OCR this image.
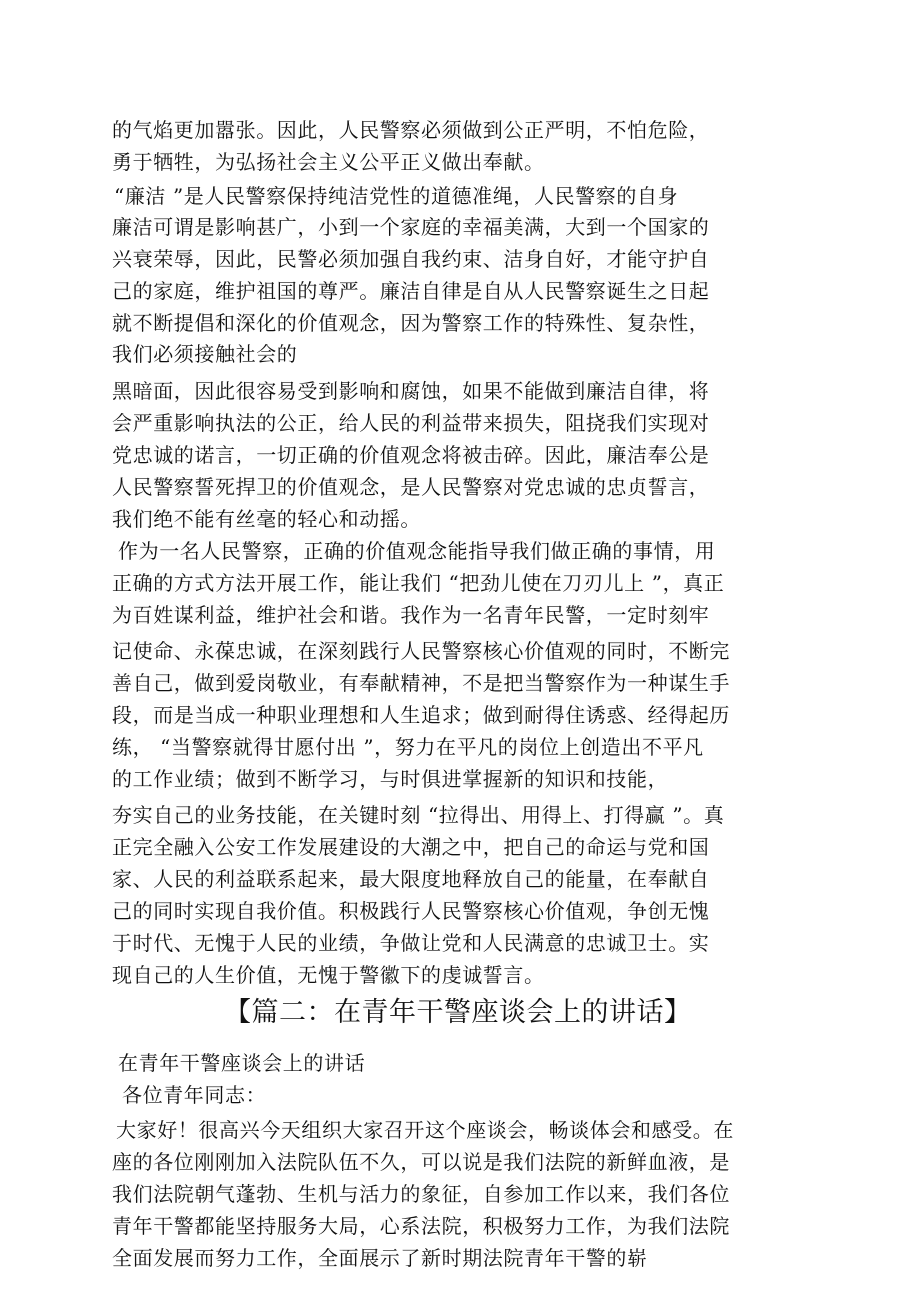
的气焰更加嚣张。因此，人民警察必须做到公正严明，不怕危险，
勇于牺牲，为弘扬社会主义公平正义做出奉献。
“廉洁 ”是人民警察保持纯洁党性的道德准绳，人民警察的自身
廉洁可谓是影响甚广，小到一个家庭的幸福美满，大到一个国家的
兴衰荣辱，因此，民警必须加强自我约束、洁身自好，才能守护自
己的家庭，维护祖国的尊严。廉洁自律是自从人民警察诞生之日起
就不断提倡和深化的价值观念，因为警察工作的特殊性、复杂性，
我们必须接触社会的
黑暗面，因此很容易受到影响和腐蚀，如果不能做到廉洁自律，将
会严重影响执法的公正，给人民的利益带来损失，阻挠我们实现对
党忠诚的诺言，一切正确的价值观念将被击碎。因此，廉洁奉公是
人民警察誓死捍卫的价值观念，是人民警察对党忠诚的忠贞誓言，
我们绝不能有丝毫的轻心和动摇。
作为一名人民警察，正确的价值观念能指导我们做正确的事情，用
正确的方式方法开展工作，能让我们 “把劲儿使在刀刃儿上 ”，真正
为百姓谋利益，维护社会和谐。我作为一名青年民警，一定时刻牢
记使命、永葆忠诚，在深刻践行人民警察核心价值观的同时，不断完
善自己，做到爱岗敬业，有奉献精神，不是把当警察作为一种谋生手
段，而是当成一种职业理想和人生追求；做到耐得住诱惑、经得起历
练， “当警察就得甘愿付出 ”，努力在平凡的岗位上创造出不平凡
的工作业绩；做到不断学习，与时俱进掌握新的知识和技能，
夯实自己的业务技能，在关键时刻 “拉得出、用得上、打得赢 ”。真
正完全融入公安工作发展建设的大潮之中，把自己的命运与党和国
家、人民的利益联系起来，最大限度地释放自己的能量，在奉献自
己的同时实现自我价值。积极践行人民警察核心价值观，争创无愧
于时代、无愧于人民的业绩，争做让党和人民满意的忠诚卫士。实
现自己的人生价值，无愧于警徽下的虔诚誓言。
【篇二：在青年干警座谈会上的讲话】
在青年干警座谈会上的讲话
各位青年同志：
大家好！很高兴今天组织大家召开这个座谈会，畅谈体会和感受。在
座的各位刚刚加入法院队伍不久，可以说是我们法院的新鲜血液，是
我们法院朝气蓬勃、生机与活力的象征，自参加工作以来，我们各位
青年干警都能坚持服务大局，心系法院，积极努力工作，为我们法院
全面发展而努力工作，全面展示了新时期法院青年干警的崭
